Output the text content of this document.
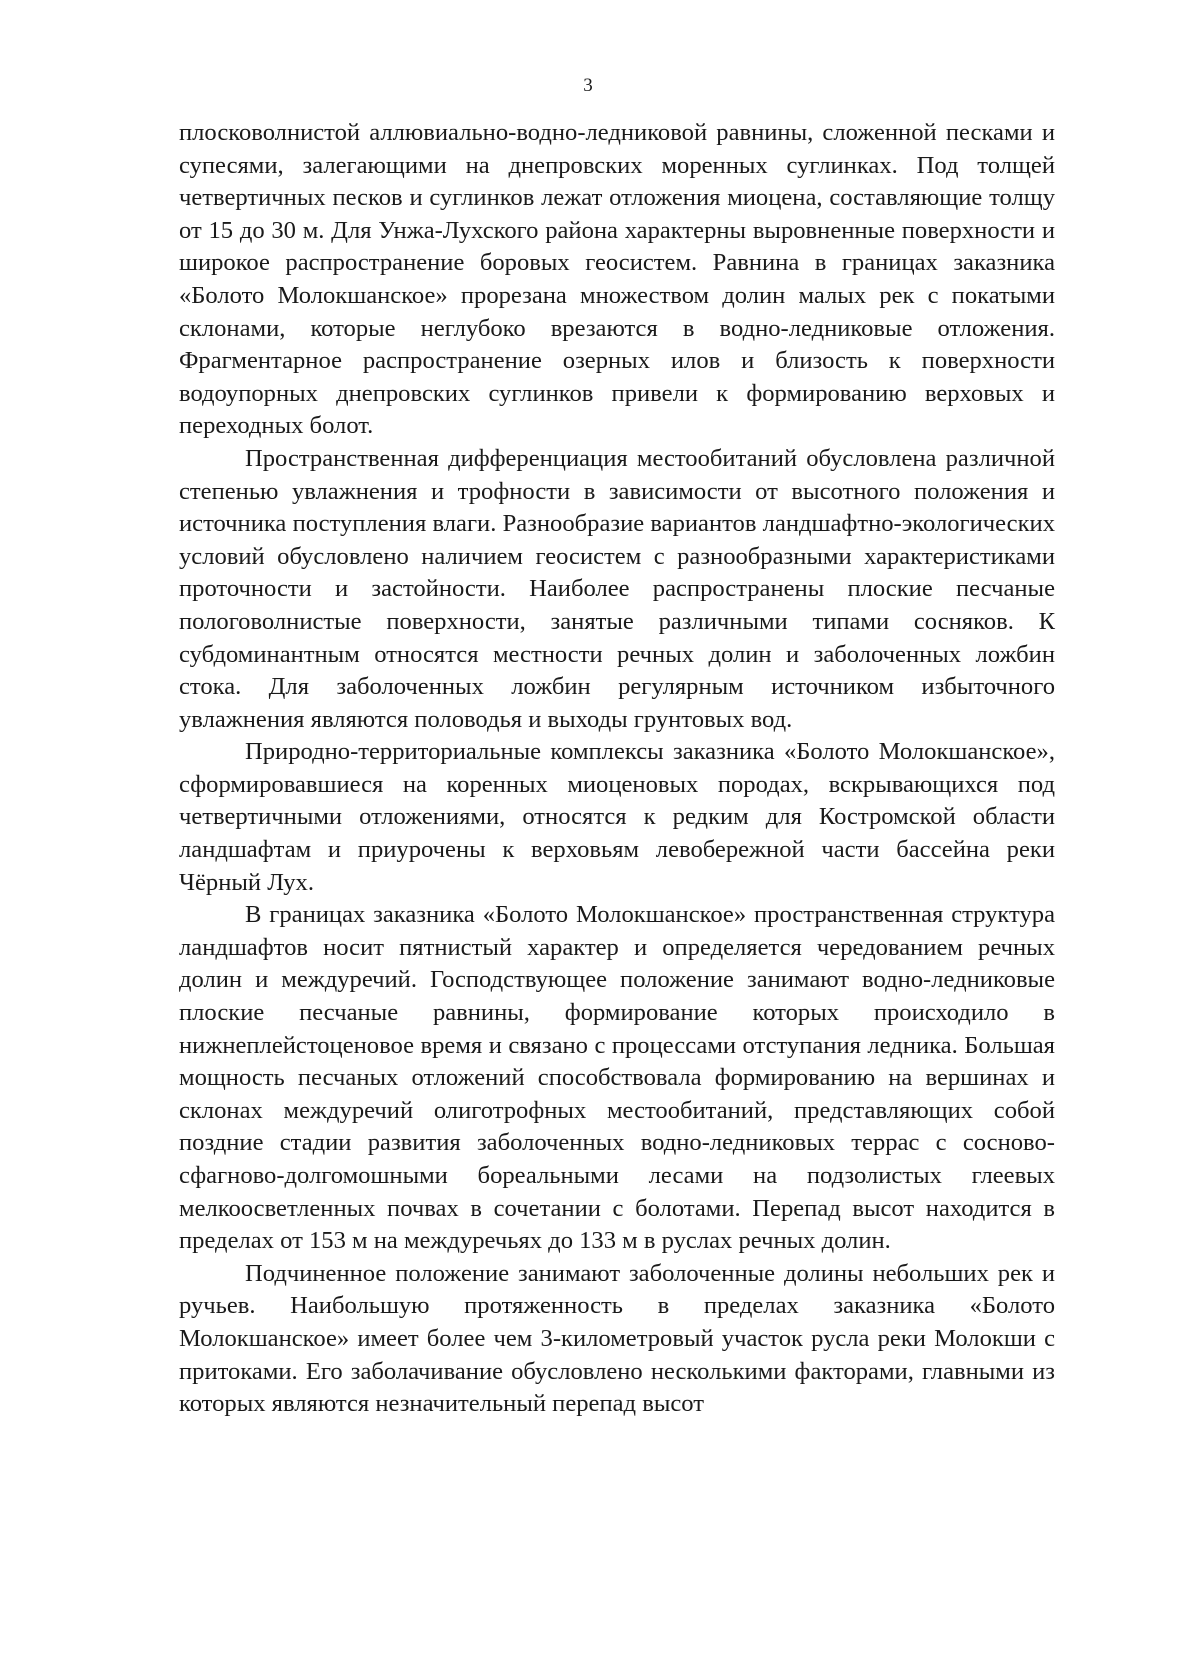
3

плосковолнистой аллювиально-водно-ледниковой равнины, сложенной песками и супесями, залегающими на днепровских моренных суглинках. Под толщей четвертичных песков и суглинков лежат отложения миоцена, составляющие толщу от 15 до 30 м. Для Унжа-Лухского района характерны выровненные поверхности и широкое распространение боровых геосистем. Равнина в границах заказника «Болото Молокшанское» прорезана множеством долин малых рек с покатыми склонами, которые неглубоко врезаются в водно-ледниковые отложения. Фрагментарное распространение озерных илов и близость к поверхности водоупорных днепровских суглинков привели к формированию верховых и переходных болот.

Пространственная дифференциация местообитаний обусловлена различной степенью увлажнения и трофности в зависимости от высотного положения и источника поступления влаги. Разнообразие вариантов ландшафтно-экологических условий обусловлено наличием геосистем с разнообразными характеристиками проточности и застойности. Наиболее распространены плоские песчаные пологоволнистые поверхности, занятые различными типами сосняков. К субдоминантным относятся местности речных долин и заболоченных ложбин стока. Для заболоченных ложбин регулярным источником избыточного увлажнения являются половодья и выходы грунтовых вод.

Природно-территориальные комплексы заказника «Болото Молокшанское», сформировавшиеся на коренных миоценовых породах, вскрывающихся под четвертичными отложениями, относятся к редким для Костромской области ландшафтам и приурочены к верховьям левобережной части бассейна реки Чёрный Лух.

В границах заказника «Болото Молокшанское» пространственная структура ландшафтов носит пятнистый характер и определяется чередованием речных долин и междуречий. Господствующее положение занимают водно-ледниковые плоские песчаные равнины, формирование которых происходило в нижнеплейстоценовое время и связано с процессами отступания ледника. Большая мощность песчаных отложений способствовала формированию на вершинах и склонах междуречий олиготрофных местообитаний, представляющих собой поздние стадии развития заболоченных водно-ледниковых террас с сосново-сфагново-долгомошными бореальными лесами на подзолистых глеевых мелкоосветленных почвах в сочетании с болотами. Перепад высот находится в пределах от 153 м на междуречьях до 133 м в руслах речных долин.

Подчиненное положение занимают заболоченные долины небольших рек и ручьев. Наибольшую протяженность в пределах заказника «Болото Молокшанское» имеет более чем 3-километровый участок русла реки Молокши с притоками. Его заболачивание обусловлено несколькими факторами, главными из которых являются незначительный перепад высот
